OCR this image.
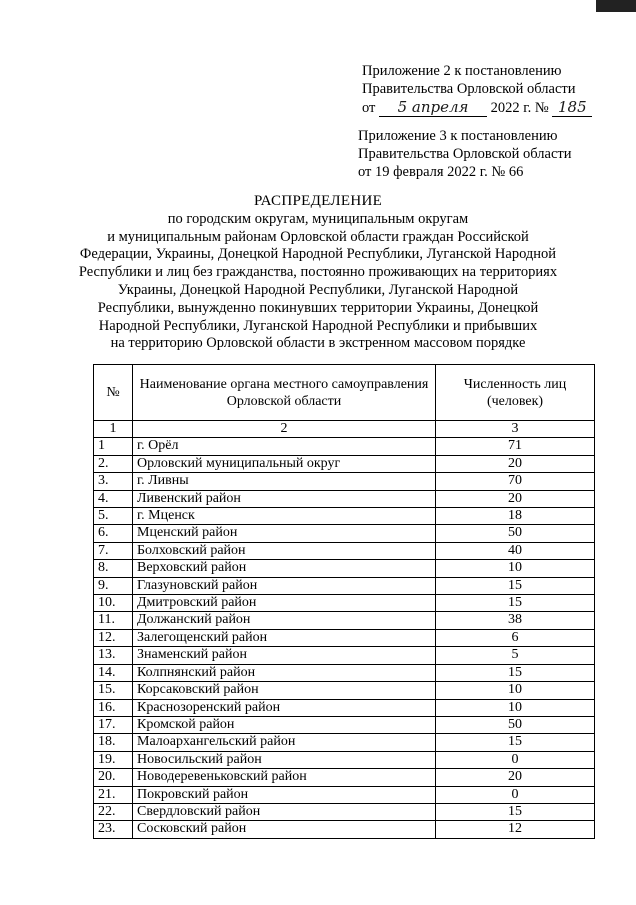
Приложение 2 к постановлению
Правительства Орловской области
от 5 апреля 2022 г. № 185
Приложение 3 к постановлению
Правительства Орловской области
от 19 февраля 2022 г. № 66
РАСПРЕДЕЛЕНИЕ
по городским округам, муниципальным округам
и муниципальным районам Орловской области граждан Российской
Федерации, Украины, Донецкой Народной Республики, Луганской Народной
Республики и лиц без гражданства, постоянно проживающих на территориях
Украины, Донецкой Народной Республики, Луганской Народной
Республики, вынужденно покинувших территории Украины, Донецкой
Народной Республики, Луганской Народной Республики и прибывших
на территорию Орловской области в экстренном массовом порядке
№	Наименование органа местного самоуправления Орловской области	Численность лиц (человек)
1	2	3
1	г. Орёл	71
2.	Орловский муниципальный округ	20
3.	г. Ливны	70
4.	Ливенский район	20
5.	г. Мценск	18
6.	Мценский район	50
7.	Болховский район	40
8.	Верховский район	10
9.	Глазуновский район	15
10.	Дмитровский район	15
11.	Должанский район	38
12.	Залегощенский район	6
13.	Знаменский район	5
14.	Колпнянский район	15
15.	Корсаковский район	10
16.	Краснозоренский район	10
17.	Кромской район	50
18.	Малоархангельский район	15
19.	Новосильский район	0
20.	Новодеревеньковский район	20
21.	Покровский район	0
22.	Свердловский район	15
23.	Сосковский район	12
